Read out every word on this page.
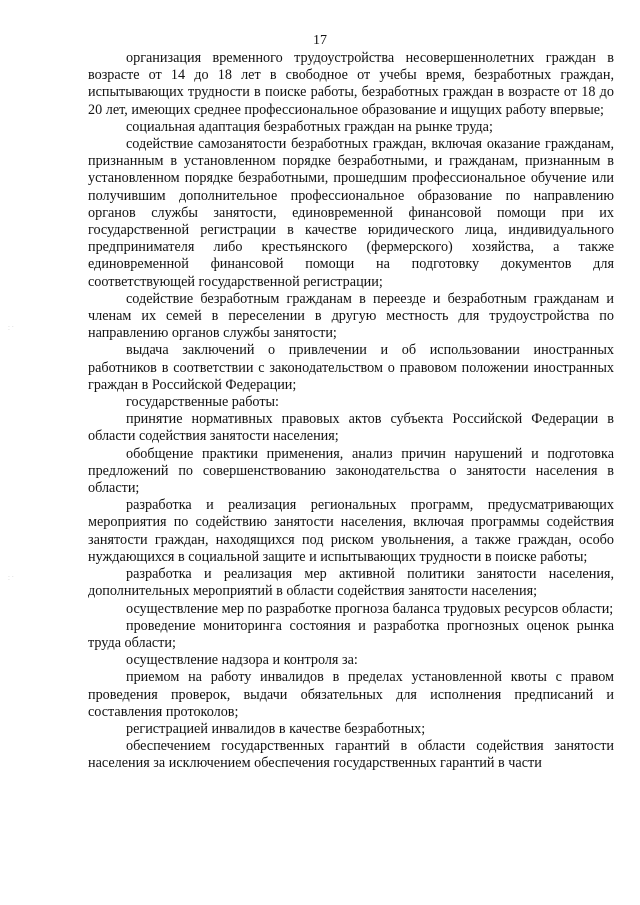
17
· · ·
· · ·

организация временного трудоустройства несовершеннолетних граждан в возрасте от 14 до 18 лет в свободное от учебы время, безработных граждан, испытывающих трудности в поиске работы, безработных граждан в возрасте от 18 до 20 лет, имеющих среднее профессиональное образование и ищущих работу впервые;

социальная адаптация безработных граждан на рынке труда;

содействие самозанятости безработных граждан, включая оказание гражданам, признанным в установленном порядке безработными, и гражданам, признанным в установленном порядке безработными, прошедшим профессиональное обучение или получившим дополнительное профессиональное образование по направлению органов службы занятости, единовременной финансовой помощи при их государственной регистрации в качестве юридического лица, индивидуального предпринимателя либо крестьянского (фермерского) хозяйства, а также единовременной финансовой помощи на подготовку документов для соответствующей государственной регистрации;

содействие безработным гражданам в переезде и безработным гражданам и членам их семей в переселении в другую местность для трудоустройства по направлению органов службы занятости;

выдача заключений о привлечении и об использовании иностранных работников в соответствии с законодательством о правовом положении иностранных граждан в Российской Федерации;

государственные работы:

принятие нормативных правовых актов субъекта Российской Федерации в области содействия занятости населения;

обобщение практики применения, анализ причин нарушений и подготовка предложений по совершенствованию законодательства о занятости населения в области;

разработка и реализация региональных программ, предусматривающих мероприятия по содействию занятости населения, включая программы содействия занятости граждан, находящихся под риском увольнения, а также граждан, особо нуждающихся в социальной защите и испытывающих трудности в поиске работы;

разработка и реализация мер активной политики занятости населения, дополнительных мероприятий в области содействия занятости населения;

осуществление мер по разработке прогноза баланса трудовых ресурсов области;

проведение мониторинга состояния и разработка прогнозных оценок рынка труда области;

осуществление надзора и контроля за:

приемом на работу инвалидов в пределах установленной квоты с правом проведения проверок, выдачи обязательных для исполнения предписаний и составления протоколов;

регистрацией инвалидов в качестве безработных;

обеспечением государственных гарантий в области содействия занятости населения за исключением обеспечения государственных гарантий в части
